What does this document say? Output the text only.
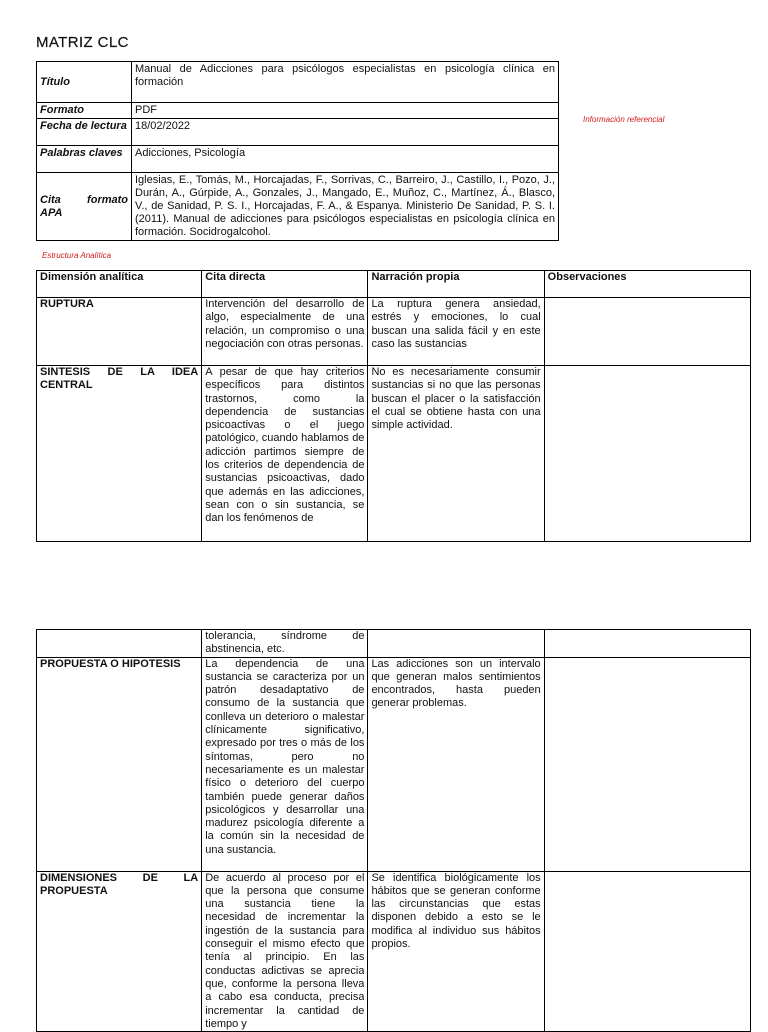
MATRIZ CLC
Título	Manual de Adicciones para psicólogos especialistas en psicología clínica en formación
Formato	PDF
Fecha de lectura	18/02/2022
Palabras claves	Adicciones, Psicología
Cita formato APA	Iglesias, E., Tomás, M., Horcajadas, F., Sorrivas, C., Barreiro, J., Castillo, I., Pozo, J., Durán, A., Gúrpide, A., Gonzales, J., Mangado, E., Muñoz, C., Martínez, Á., Blasco, V., de Sanidad, P. S. I., Horcajadas, F. A., & Espanya. Ministerio De Sanidad, P. S. I. (2011). Manual de adicciones para psicólogos especialistas en psicología clínica en formación. Socidrogalcohol.
Información referencial
Estructura Analítica
Dimensión analítica	Cita directa	Narración propia	Observaciones
RUPTURA	Intervención del desarrollo de algo, especialmente de una relación, un compromiso o una negociación con otras personas.	La ruptura genera ansiedad, estrés y emociones, lo cual buscan una salida fácil y en este caso las sustancias	
SINTESIS DE LA IDEA CENTRAL	A pesar de que hay criterios específicos para distintos trastornos, como la dependencia de sustancias psicoactivas o el juego patológico, cuando hablamos de adicción partimos siempre de los criterios de dependencia de sustancias psicoactivas, dado que además en las adicciones, sean con o sin sustancia, se dan los fenómenos de	No es necesariamente consumir sustancias si no que las personas buscan el placer o la satisfacción el cual se obtiene hasta con una simple actividad.	
	tolerancia, síndrome de abstinencia, etc.		
PROPUESTA O HIPOTESIS	La dependencia de una sustancia se caracteriza por un patrón desadaptativo de consumo de la sustancia que conlleva un deterioro o malestar clínicamente significativo, expresado por tres o más de los síntomas, pero no necesariamente es un malestar físico o deterioro del cuerpo también puede generar daños psicológicos y desarrollar una madurez psicología diferente a la común sin la necesidad de una sustancia.	Las adicciones son un intervalo que generan malos sentimientos encontrados, hasta pueden generar problemas.	
DIMENSIONES DE LA PROPUESTA	De acuerdo al proceso por el que la persona que consume una sustancia tiene la necesidad de incrementar la ingestión de la sustancia para conseguir el mismo efecto que tenía al principio. En las conductas adictivas se aprecia que, conforme la persona lleva a cabo esa conducta, precisa incrementar la cantidad de tiempo y	Se identifica biológicamente los hábitos que se generan conforme las circunstancias que estas disponen debido a esto se le modifica al individuo sus hábitos propios.	
